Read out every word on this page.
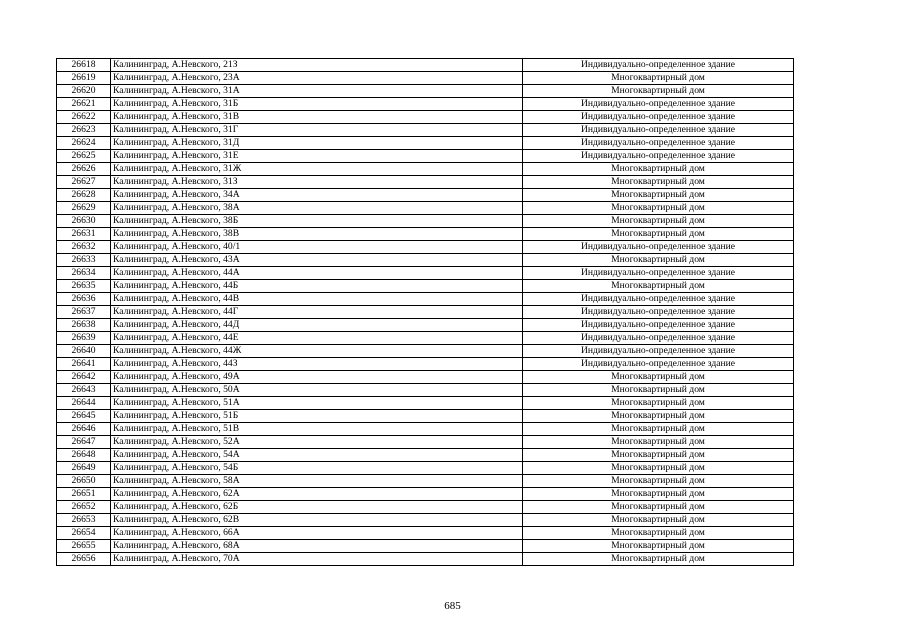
26618	Калининград, А.Невского, 21З	Индивидуально-определенное здание
26619	Калининград, А.Невского, 23А	Многоквартирный дом
26620	Калининград, А.Невского, 31А	Многоквартирный дом
26621	Калининград, А.Невского, 31Б	Индивидуально-определенное здание
26622	Калининград, А.Невского, 31В	Индивидуально-определенное здание
26623	Калининград, А.Невского, 31Г	Индивидуально-определенное здание
26624	Калининград, А.Невского, 31Д	Индивидуально-определенное здание
26625	Калининград, А.Невского, 31Е	Индивидуально-определенное здание
26626	Калининград, А.Невского, 31Ж	Многоквартирный дом
26627	Калининград, А.Невского, 31З	Многоквартирный дом
26628	Калининград, А.Невского, 34А	Многоквартирный дом
26629	Калининград, А.Невского, 38А	Многоквартирный дом
26630	Калининград, А.Невского, 38Б	Многоквартирный дом
26631	Калининград, А.Невского, 38В	Многоквартирный дом
26632	Калининград, А.Невского, 40/1	Индивидуально-определенное здание
26633	Калининград, А.Невского, 43А	Многоквартирный дом
26634	Калининград, А.Невского, 44А	Индивидуально-определенное здание
26635	Калининград, А.Невского, 44Б	Многоквартирный дом
26636	Калининград, А.Невского, 44В	Индивидуально-определенное здание
26637	Калининград, А.Невского, 44Г	Индивидуально-определенное здание
26638	Калининград, А.Невского, 44Д	Индивидуально-определенное здание
26639	Калининград, А.Невского, 44Е	Индивидуально-определенное здание
26640	Калининград, А.Невского, 44Ж	Индивидуально-определенное здание
26641	Калининград, А.Невского, 44З	Индивидуально-определенное здание
26642	Калининград, А.Невского, 49А	Многоквартирный дом
26643	Калининград, А.Невского, 50А	Многоквартирный дом
26644	Калининград, А.Невского, 51А	Многоквартирный дом
26645	Калининград, А.Невского, 51Б	Многоквартирный дом
26646	Калининград, А.Невского, 51В	Многоквартирный дом
26647	Калининград, А.Невского, 52А	Многоквартирный дом
26648	Калининград, А.Невского, 54А	Многоквартирный дом
26649	Калининград, А.Невского, 54Б	Многоквартирный дом
26650	Калининград, А.Невского, 58А	Многоквартирный дом
26651	Калининград, А.Невского, 62А	Многоквартирный дом
26652	Калининград, А.Невского, 62Б	Многоквартирный дом
26653	Калининград, А.Невского, 62В	Многоквартирный дом
26654	Калининград, А.Невского, 66А	Многоквартирный дом
26655	Калининград, А.Невского, 68А	Многоквартирный дом
26656	Калининград, А.Невского, 70А	Многоквартирный дом
685
